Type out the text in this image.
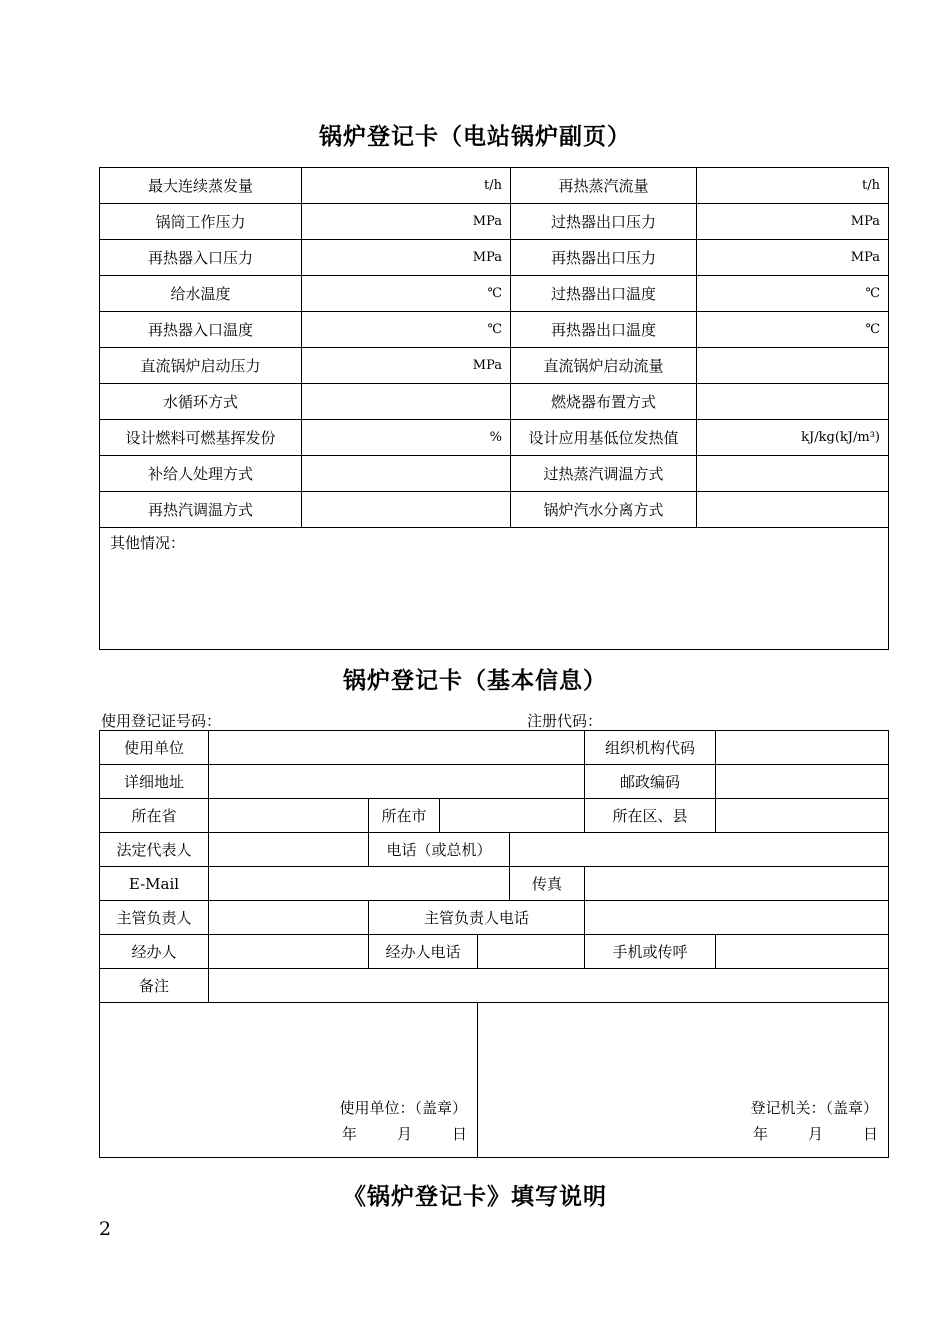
锅炉登记卡（电站锅炉副页）
最大连续蒸发量	t/h	再热蒸汽流量	t/h
锅筒工作压力	MPa	过热器出口压力	MPa
再热器入口压力	MPa	再热器出口压力	MPa
给水温度	℃	过热器出口温度	℃
再热器入口温度	℃	再热器出口温度	℃
直流锅炉启动压力	MPa	直流锅炉启动流量	
水循环方式		燃烧器布置方式	
设计燃料可燃基挥发份	%	设计应用基低位发热值	kJ/kg(kJ/m³)
补给人处理方式		过热蒸汽调温方式	
再热汽调温方式		锅炉汽水分离方式	
其他情况：			
锅炉登记卡（基本信息）
使用登记证号码：	注册代码：
使用单位						组织机构代码	
详细地址						邮政编码	
所在省		所在市				所在区、县	
法定代表人		电话（或总机）					
E-Mail					传真		
主管负责人		主管负责人电话					
经办人		经办人电话				手机或传呼	
备注							

使用单位：（盖章）
年 月 日				登记机关：（盖章）
年 月 日			
《锅炉登记卡》填写说明
2
